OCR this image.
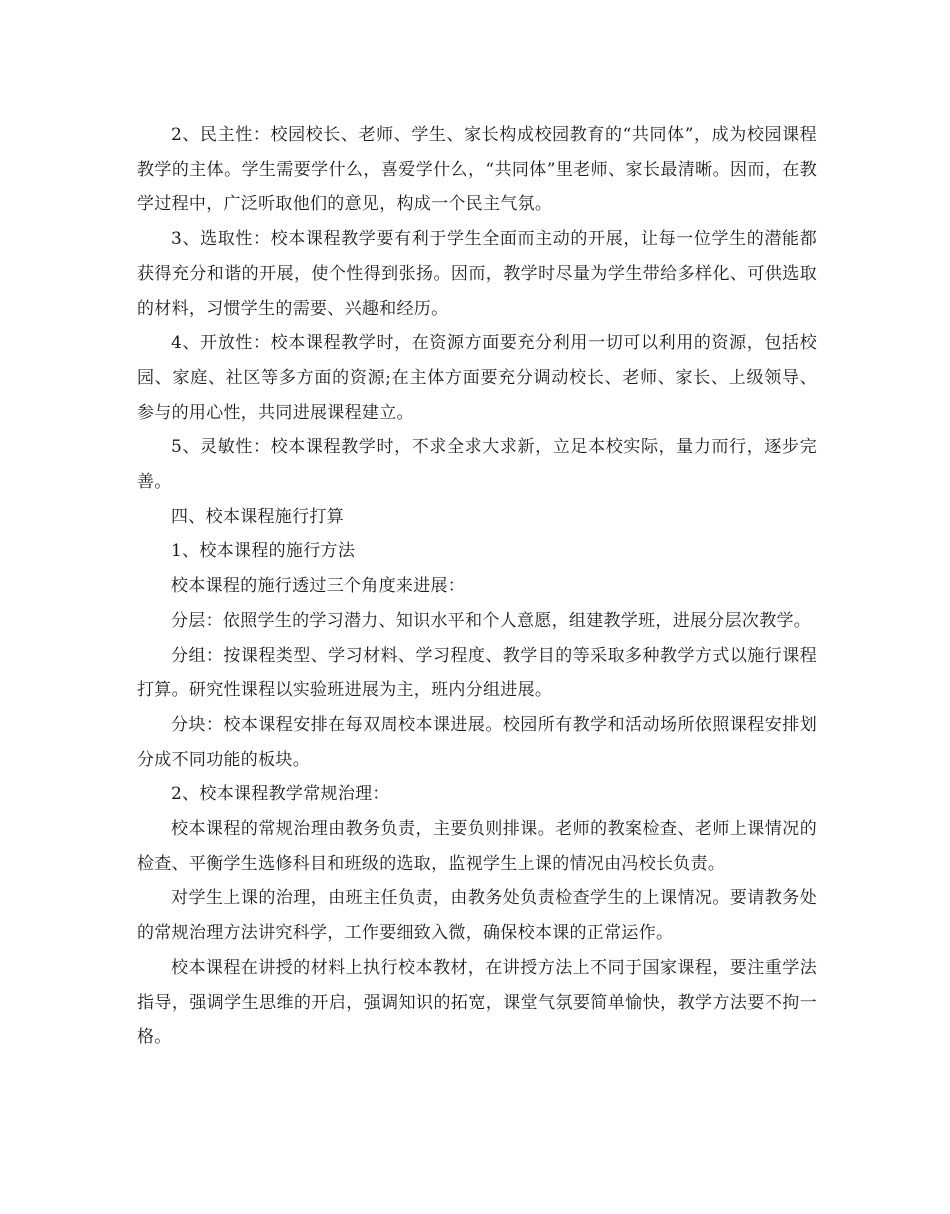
2、民主性：校园校长、老师、学生、家长构成校园教育的“共同体”，成为校园课程教学的主体。学生需要学什么，喜爱学什么，“共同体”里老师、家长最清晰。因而，在教学过程中，广泛听取他们的意见，构成一个民主气氛。

3、选取性：校本课程教学要有利于学生全面而主动的开展，让每一位学生的潜能都获得充分和谐的开展，使个性得到张扬。因而，教学时尽量为学生带给多样化、可供选取的材料，习惯学生的需要、兴趣和经历。

4、开放性：校本课程教学时，在资源方面要充分利用一切可以利用的资源，包括校园、家庭、社区等多方面的资源;在主体方面要充分调动校长、老师、家长、上级领导、参与的用心性，共同进展课程建立。

5、灵敏性：校本课程教学时，不求全求大求新，立足本校实际，量力而行，逐步完善。

四、校本课程施行打算

1、校本课程的施行方法

校本课程的施行透过三个角度来进展：

分层：依照学生的学习潜力、知识水平和个人意愿，组建教学班，进展分层次教学。

分组：按课程类型、学习材料、学习程度、教学目的等采取多种教学方式以施行课程打算。研究性课程以实验班进展为主，班内分组进展。

分块：校本课程安排在每双周校本课进展。校园所有教学和活动场所依照课程安排划分成不同功能的板块。

2、校本课程教学常规治理：

校本课程的常规治理由教务负责，主要负则排课。老师的教案检查、老师上课情况的检查、平衡学生选修科目和班级的选取，监视学生上课的情况由冯校长负责。

对学生上课的治理，由班主任负责，由教务处负责检查学生的上课情况。要请教务处的常规治理方法讲究科学，工作要细致入微，确保校本课的正常运作。

校本课程在讲授的材料上执行校本教材，在讲授方法上不同于国家课程，要注重学法指导，强调学生思维的开启，强调知识的拓宽，课堂气氛要简单愉快，教学方法要不拘一格。
